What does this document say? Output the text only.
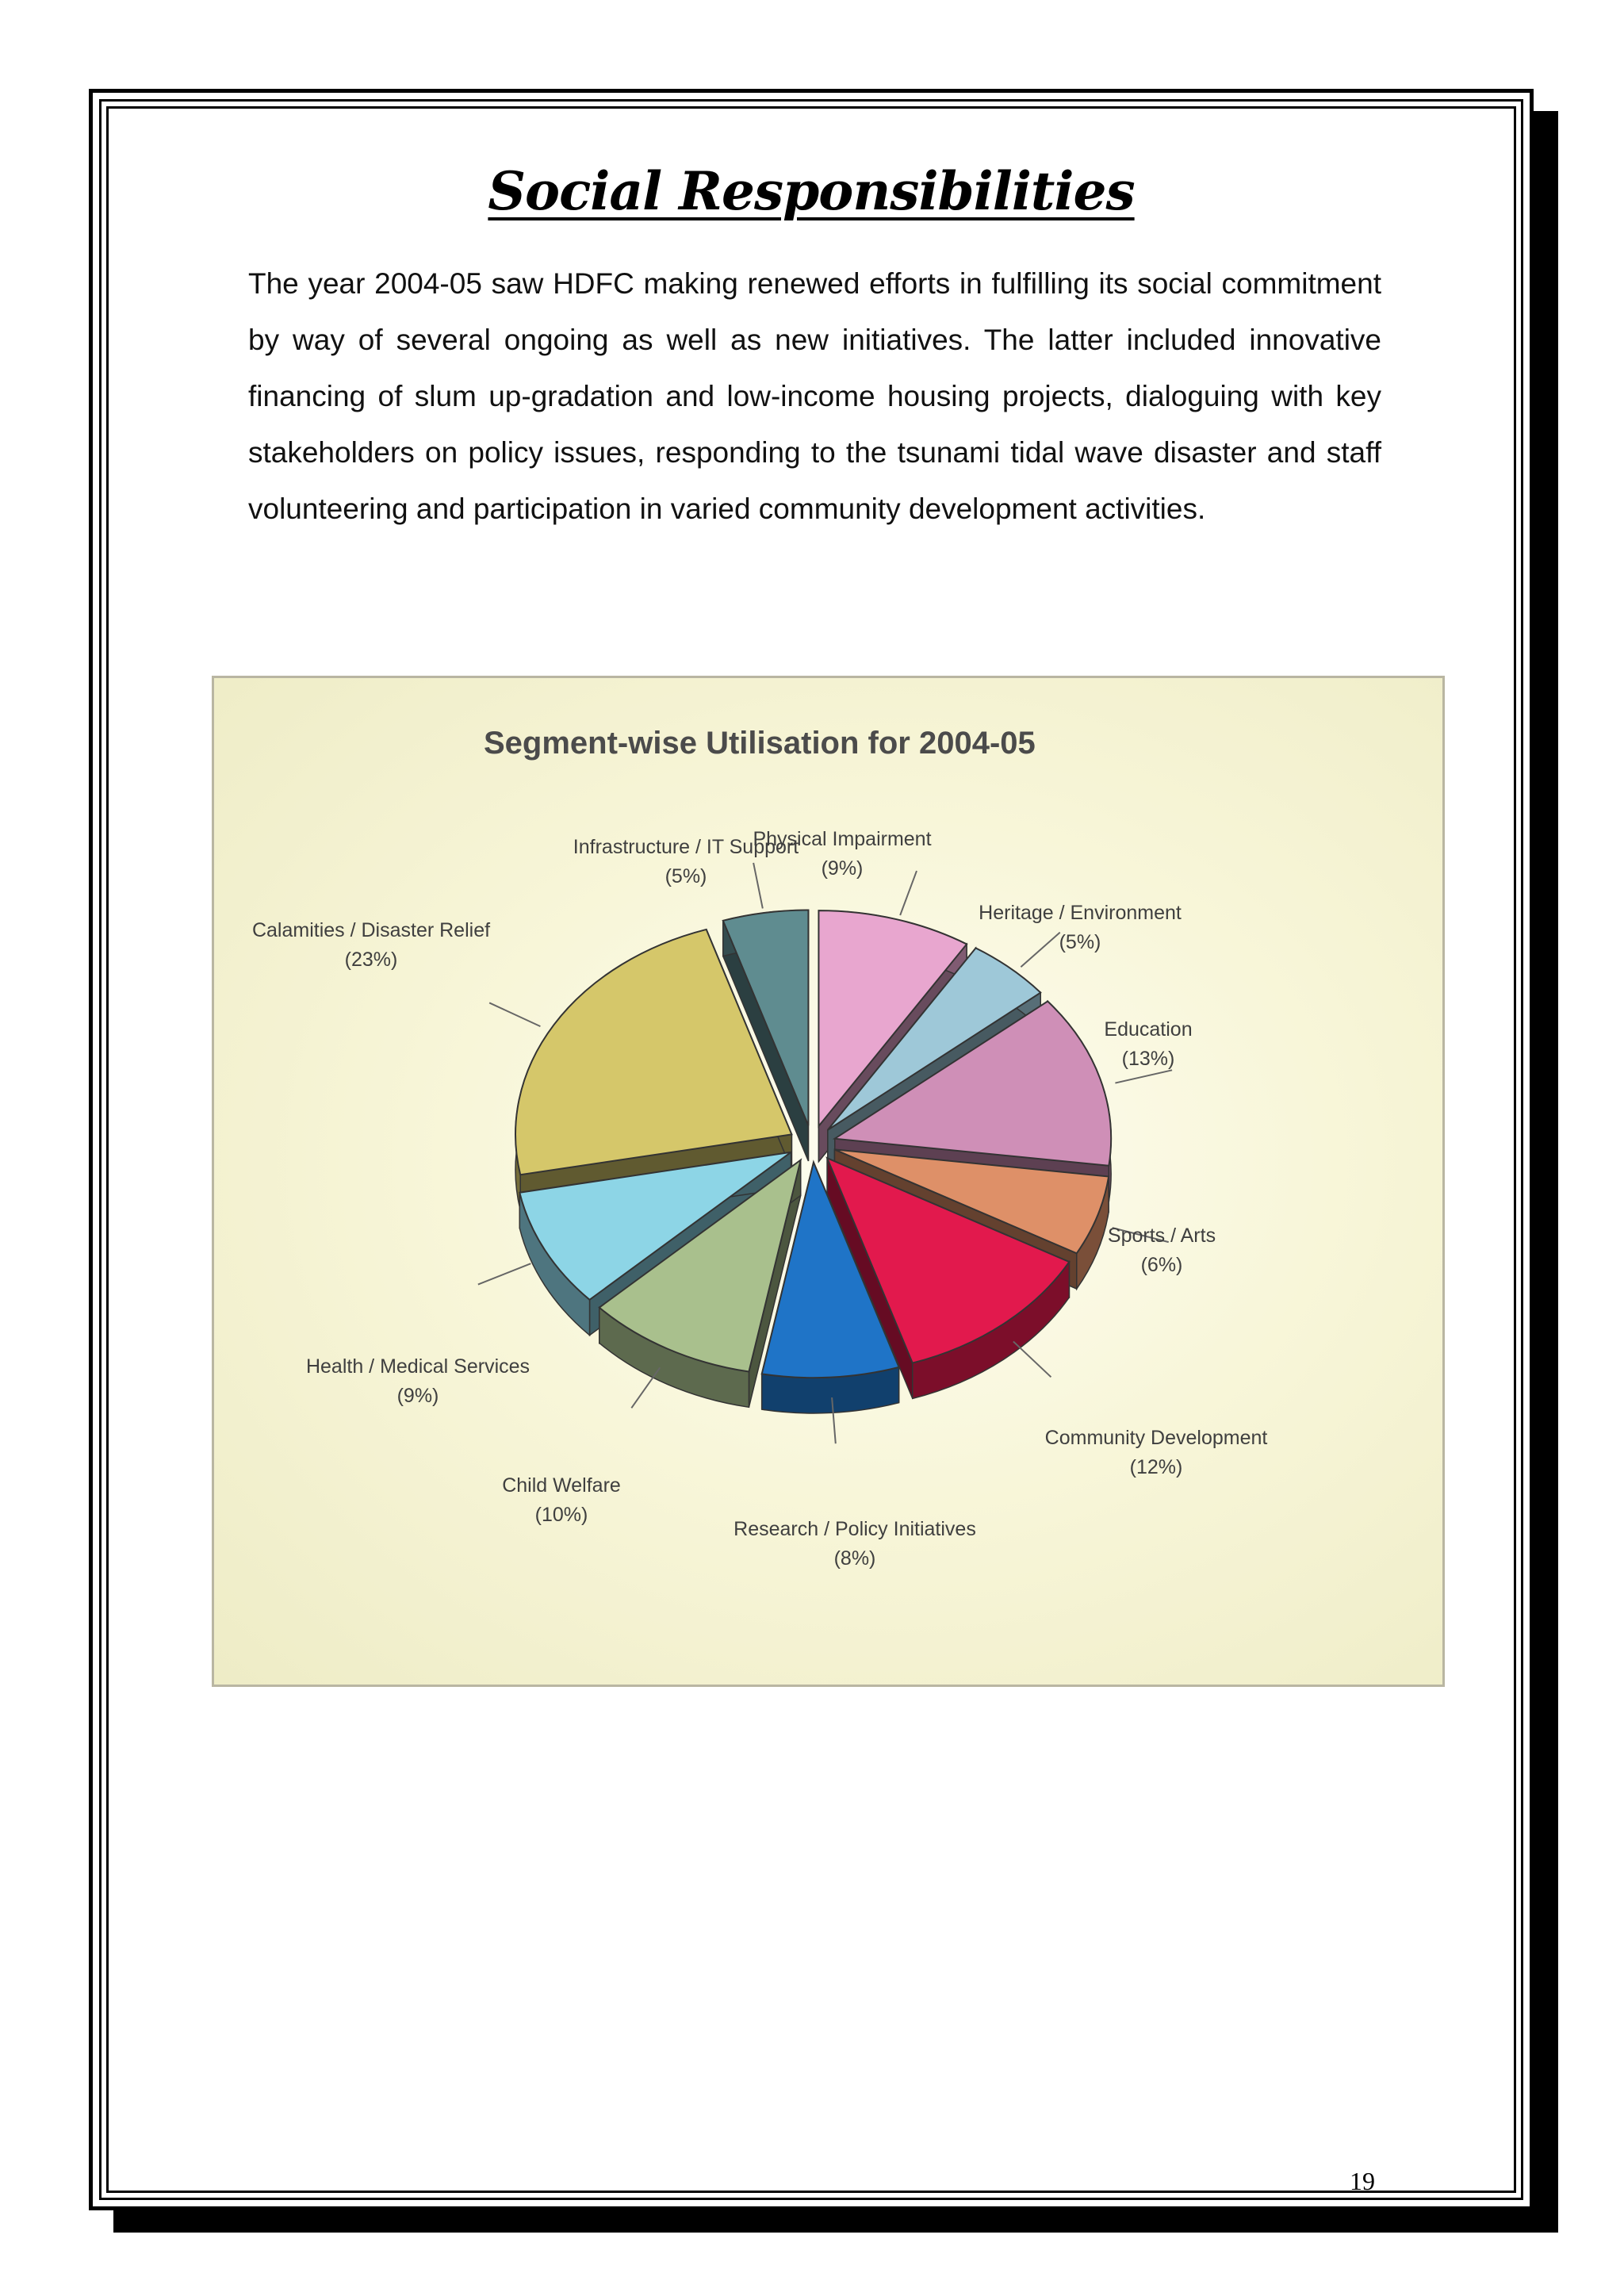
Social Responsibilities

The year 2004-05 saw HDFC making renewed efforts in fulfilling its social commitment by way of several ongoing as well as new initiatives. The latter included innovative financing of slum up-gradation and low-income housing projects, dialoguing with key stakeholders on policy issues, responding to the tsunami tidal wave disaster and staff volunteering and participation in varied community development activities.

Segment-wise Utilisation for 2004-05
Physical Impairment
(9%)
Heritage / Environment
(5%)
Education
(13%)
Sports / Arts
(6%)
Community Development
(12%)
Research / Policy Initiatives
(8%)
Child Welfare
(10%)
Health / Medical Services
(9%)
Calamities / Disaster Relief
(23%)
Infrastructure / IT Support
(5%)
19
